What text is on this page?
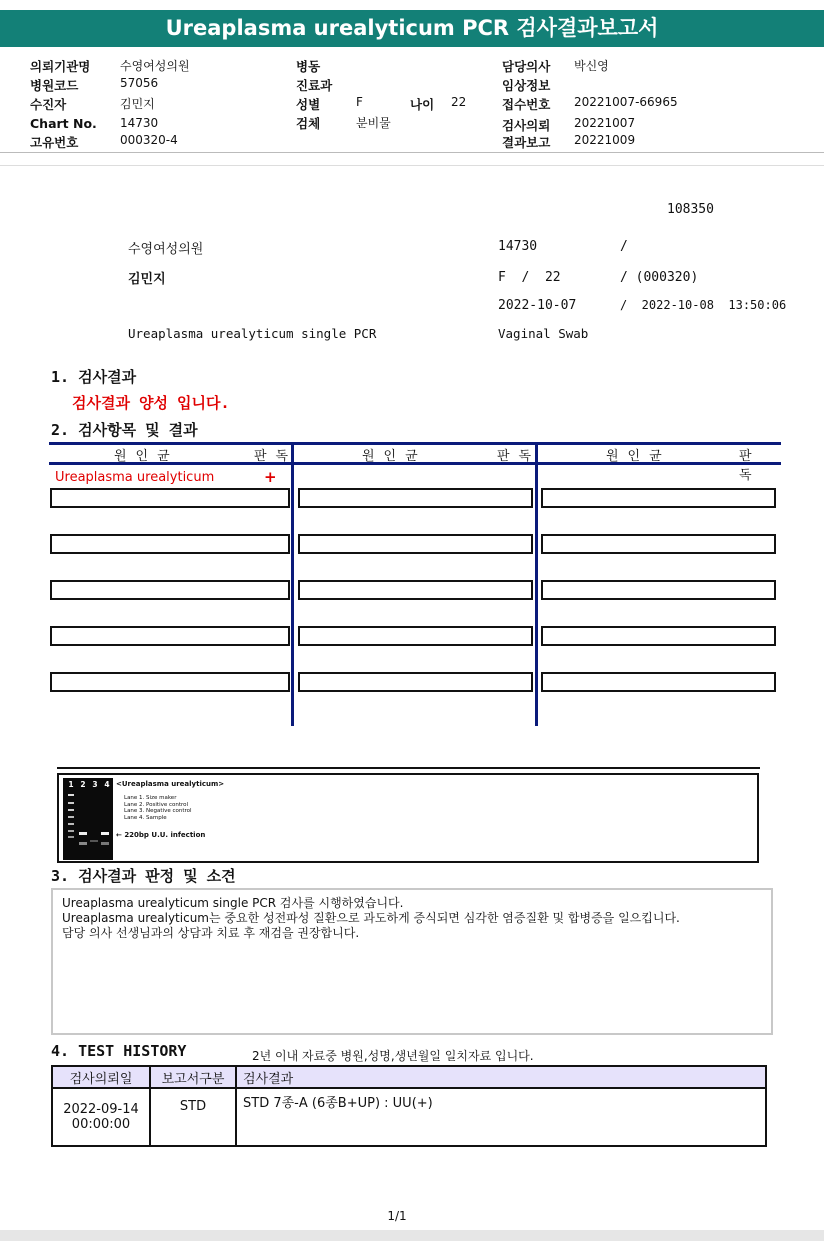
Ureaplasma urealyticum PCR 검사결과보고서
의뢰기관명 수영여성의원
병원코드	57056
수진자	김민지
Chart No. 14730
고유번호	000320-4
병동
진료과
성별	F	나이 22
검체	분비물
담당의사 박신영
임상정보
접수번호 20221007-66965
검사의뢰 20221007
결과보고 20221009
108350
수영여성의원	14730	/
김민지	F  /  22	/ (000320)
2022-10-07	/  2022-10-08  13:50:06
Ureaplasma urealyticum single PCR	Vaginal Swab
1. 검사결과
검사결과 양성 입니다.
2. 검사항목 및 결과
원인균	판독	원인균	판독	원인균	판독
Ureaplasma urealyticum	+
1 2 3 4 <Ureaplasma urealyticum>
Lane 1. Size maker
Lane 2. Positive control
Lane 3. Negative control
Lane 4. Sample
← 220bp U.U. infection
3. 검사결과 판정 및 소견
Ureaplasma urealyticum single PCR 검사를 시행하였습니다.
Ureaplasma urealyticum는 중요한 성전파성 질환으로 과도하게 증식되면 심각한 염증질환 및 합병증을 일으킵니다.
담당 의사 선생님과의 상담과 치료 후 재검을 권장합니다.
4. TEST HISTORY	2년 이내 자료중 병원,성명,생년월일 일치자료 입니다.
검사의뢰일	보고서구분	검사결과

2022-09-14
00:00:00	STD	STD 7종-A (6종B+UP) : UU(+)
1/1
